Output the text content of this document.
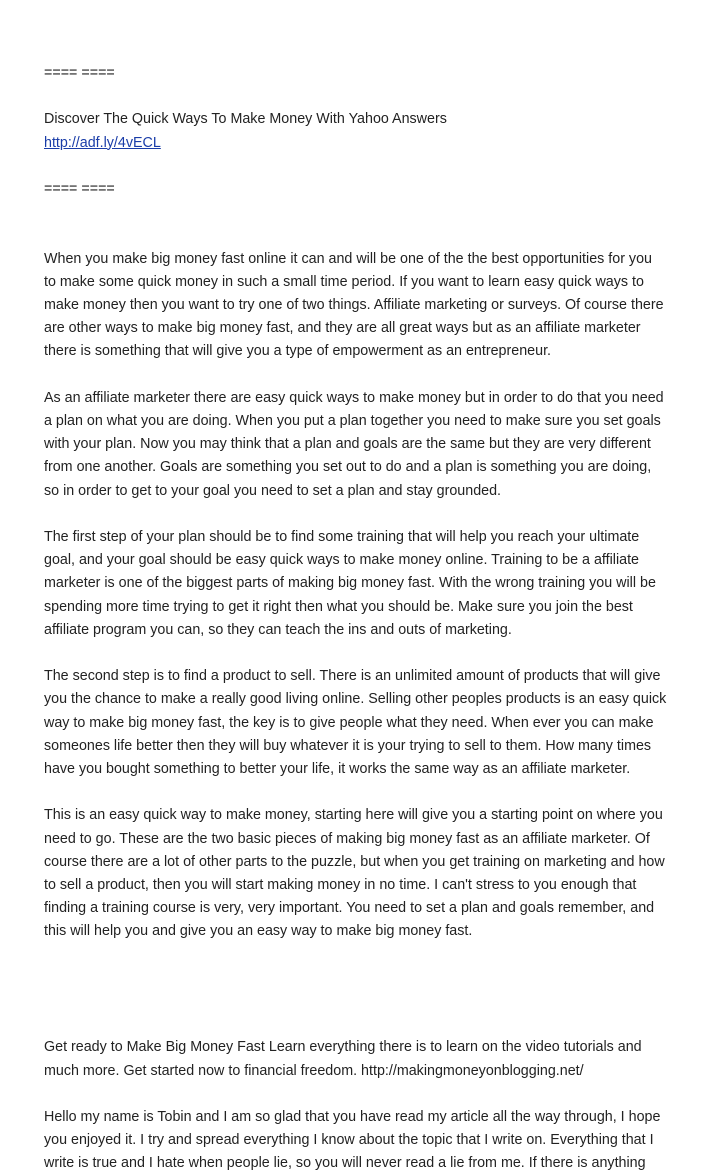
==== ====
Discover The Quick Ways To Make Money With Yahoo Answers
http://adf.ly/4vECL
==== ====

When you make big money fast online it can and will be one of the the best opportunities for you
to make some quick money in such a small time period. If you want to learn easy quick ways to
make money then you want to try one of two things. Affiliate marketing or surveys. Of course there
are other ways to make big money fast, and they are all great ways but as an affiliate marketer
there is something that will give you a type of empowerment as an entrepreneur.

As an affiliate marketer there are easy quick ways to make money but in order to do that you need
a plan on what you are doing. When you put a plan together you need to make sure you set goals
with your plan. Now you may think that a plan and goals are the same but they are very different
from one another. Goals are something you set out to do and a plan is something you are doing,
so in order to get to your goal you need to set a plan and stay grounded.

The first step of your plan should be to find some training that will help you reach your ultimate
goal, and your goal should be easy quick ways to make money online. Training to be a affiliate
marketer is one of the biggest parts of making big money fast. With the wrong training you will be
spending more time trying to get it right then what you should be. Make sure you join the best
affiliate program you can, so they can teach the ins and outs of marketing.

The second step is to find a product to sell. There is an unlimited amount of products that will give
you the chance to make a really good living online. Selling other peoples products is an easy quick
way to make big money fast, the key is to give people what they need. When ever you can make
someones life better then they will buy whatever it is your trying to sell to them. How many times
have you bought something to better your life, it works the same way as an affiliate marketer.

This is an easy quick way to make money, starting here will give you a starting point on where you
need to go. These are the two basic pieces of making big money fast as an affiliate marketer. Of
course there are a lot of other parts to the puzzle, but when you get training on marketing and how
to sell a product, then you will start making money in no time. I can't stress to you enough that
finding a training course is very, very important. You need to set a plan and goals remember, and
this will help you and give you an easy way to make big money fast.

Get ready to Make Big Money Fast Learn everything there is to learn on the video tutorials and
much more. Get started now to financial freedom. http://makingmoneyonblogging.net/

Hello my name is Tobin and I am so glad that you have read my article all the way through, I hope
you enjoyed it. I try and spread everything I know about the topic that I write on. Everything that I
write is true and I hate when people lie, so you will never read a lie from me. If there is anything
